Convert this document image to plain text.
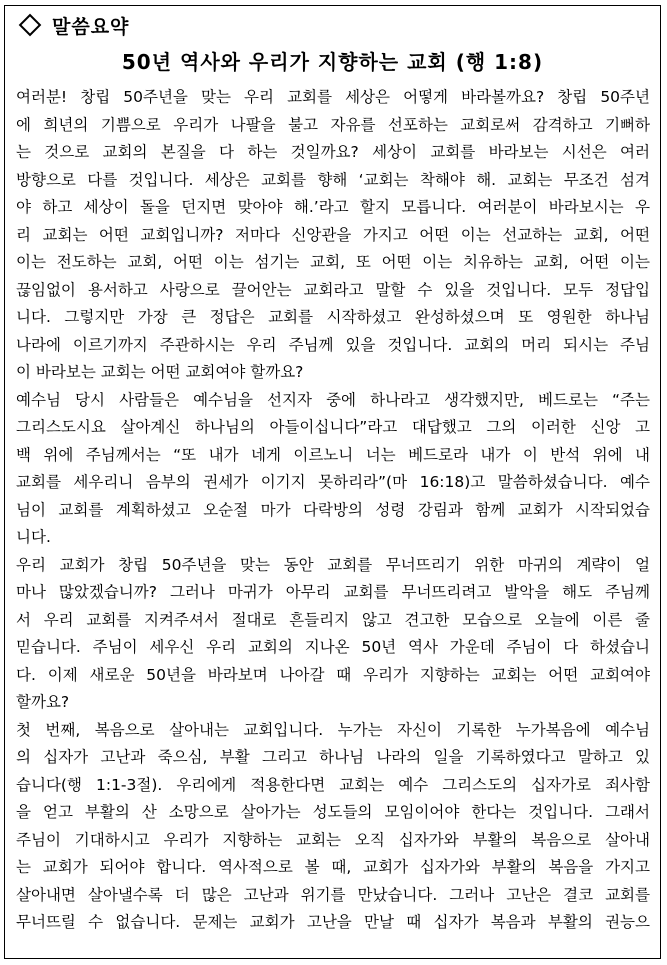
말씀요약
50년 역사와 우리가 지향하는 교회 (행 1:8)
여러분! 창립 50주년을 맞는 우리 교회를 세상은 어떻게 바라볼까요? 창립 50주년
에 희년의 기쁨으로 우리가 나팔을 불고 자유를 선포하는 교회로써 감격하고 기뻐하
는 것으로 교회의 본질을 다 하는 것일까요? 세상이 교회를 바라보는 시선은 여러
방향으로 다를 것입니다. 세상은 교회를 향해 ‘교회는 착해야 해. 교회는 무조건 섬겨
야 하고 세상이 돌을 던지면 맞아야 해.’라고 할지 모릅니다. 여러분이 바라보시는 우
리 교회는 어떤 교회입니까? 저마다 신앙관을 가지고 어떤 이는 선교하는 교회, 어떤
이는 전도하는 교회, 어떤 이는 섬기는 교회, 또 어떤 이는 치유하는 교회, 어떤 이는
끊임없이 용서하고 사랑으로 끌어안는 교회라고 말할 수 있을 것입니다. 모두 정답입
니다. 그렇지만 가장 큰 정답은 교회를 시작하셨고 완성하셨으며 또 영원한 하나님
나라에 이르기까지 주관하시는 우리 주님께 있을 것입니다. 교회의 머리 되시는 주님
이 바라보는 교회는 어떤 교회여야 할까요?
예수님 당시 사람들은 예수님을 선지자 중에 하나라고 생각했지만, 베드로는 “주는
그리스도시요 살아계신 하나님의 아들이십니다”라고 대답했고 그의 이러한 신앙 고
백 위에 주님께서는 “또 내가 네게 이르노니 너는 베드로라 내가 이 반석 위에 내
교회를 세우리니 음부의 권세가 이기지 못하리라”(마 16:18)고 말씀하셨습니다. 예수
님이 교회를 계획하셨고 오순절 마가 다락방의 성령 강림과 함께 교회가 시작되었습
니다.
우리 교회가 창립 50주년을 맞는 동안 교회를 무너뜨리기 위한 마귀의 계략이 얼
마나 많았겠습니까? 그러나 마귀가 아무리 교회를 무너뜨리려고 발악을 해도 주님께
서 우리 교회를 지켜주셔서 절대로 흔들리지 않고 견고한 모습으로 오늘에 이른 줄
믿습니다. 주님이 세우신 우리 교회의 지나온 50년 역사 가운데 주님이 다 하셨습니
다. 이제 새로운 50년을 바라보며 나아갈 때 우리가 지향하는 교회는 어떤 교회여야
할까요?
첫 번째, 복음으로 살아내는 교회입니다. 누가는 자신이 기록한 누가복음에 예수님
의 십자가 고난과 죽으심, 부활 그리고 하나님 나라의 일을 기록하였다고 말하고 있
습니다(행 1:1-3절). 우리에게 적용한다면 교회는 예수 그리스도의 십자가로 죄사함
을 얻고 부활의 산 소망으로 살아가는 성도들의 모임이어야 한다는 것입니다. 그래서
주님이 기대하시고 우리가 지향하는 교회는 오직 십자가와 부활의 복음으로 살아내
는 교회가 되어야 합니다. 역사적으로 볼 때, 교회가 십자가와 부활의 복음을 가지고
살아내면 살아낼수록 더 많은 고난과 위기를 만났습니다. 그러나 고난은 결코 교회를
무너뜨릴 수 없습니다. 문제는 교회가 고난을 만날 때 십자가 복음과 부활의 권능으
